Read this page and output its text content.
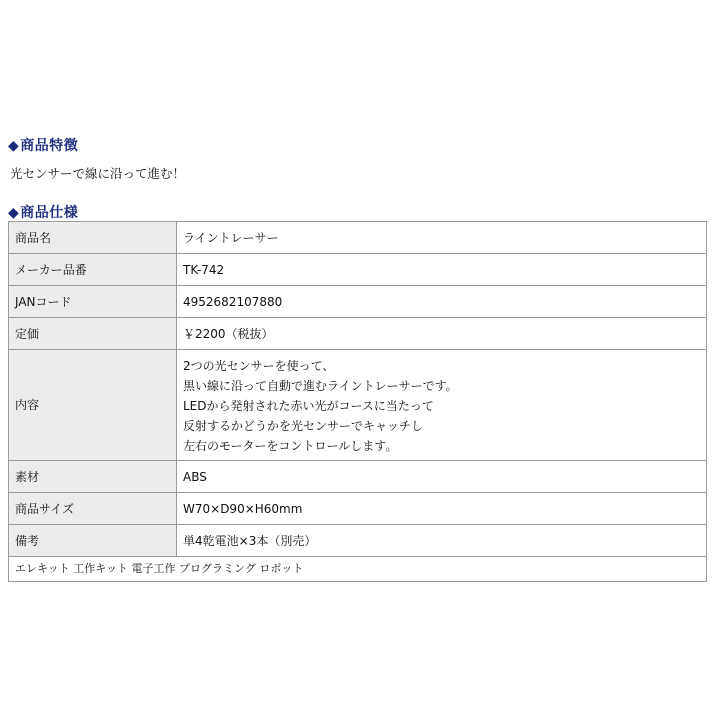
◆商品特徴
光センサーで線に沿って進む！
◆商品仕様
商品名	ライントレーサー
メーカー品番	TK-742
JANコード	4952682107880
定価	￥2200（税抜）
内容	2つの光センサーを使って、
黒い線に沿って自動で進むライントレーサーです。
LEDから発射された赤い光がコースに当たって
反射するかどうかを光センサーでキャッチし
左右のモーターをコントロールします。

素材	ABS
商品サイズ	W70×D90×H60mm
備考	単4乾電池×3本（別売）
エレキット 工作キット 電子工作 プログラミング ロボット	
